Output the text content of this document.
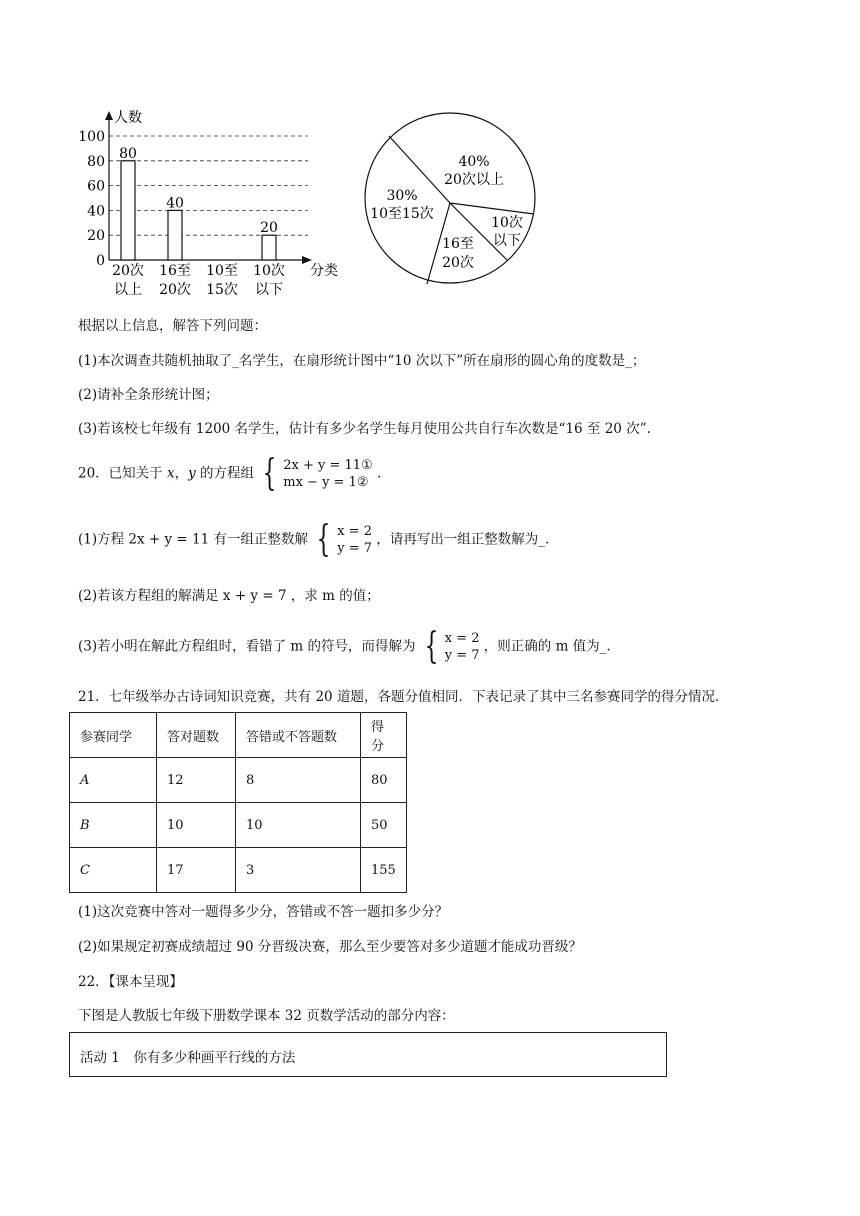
人数
分类
0
20
40
60
80
100
80
40
20
20次
以上
16至
20次
10至
15次
10次
以下
40%
20次以上
30%
10至15次
16至
20次
10次
以下
根据以上信息，解答下列问题：
(1)本次调查共随机抽取了_名学生，在扇形统计图中“10 次以下”所在扇形的圆心角的度数是_；
(2)请补全条形统计图；
(3)若该校七年级有 1200 名学生，估计有多少名学生每月使用公共自行车次数是“16 至 20 次”.
20．已知关于 x，y 的方程组 { 2x + y = 11①
mx − y = 1②
.
(1)方程 2x + y = 11 有一组正整数解 { x = 2
y = 7
，请再写出一组正整数解为_.
(2)若该方程组的解满足 x + y = 7 ，求 m 的值；
(3)若小明在解此方程组时，看错了 m 的符号，而得解为 { x = 2
y = 7
，则正确的 m 值为_.
21．七年级举办古诗词知识竞赛，共有 20 道题，各题分值相同．下表记录了其中三名参赛同学的得分情况．
参赛同学	答对题数	答错或不答题数	得分
A	12	8	80
B	10	10	50
C	17	3	155
(1)这次竞赛中答对一题得多少分，答错或不答一题扣多少分？
(2)如果规定初赛成绩超过 90 分晋级决赛，那么至少要答对多少道题才能成功晋级？
22．【课本呈现】
下图是人教版七年级下册数学课本 32 页数学活动的部分内容：
活动 1　你有多少种画平行线的方法
